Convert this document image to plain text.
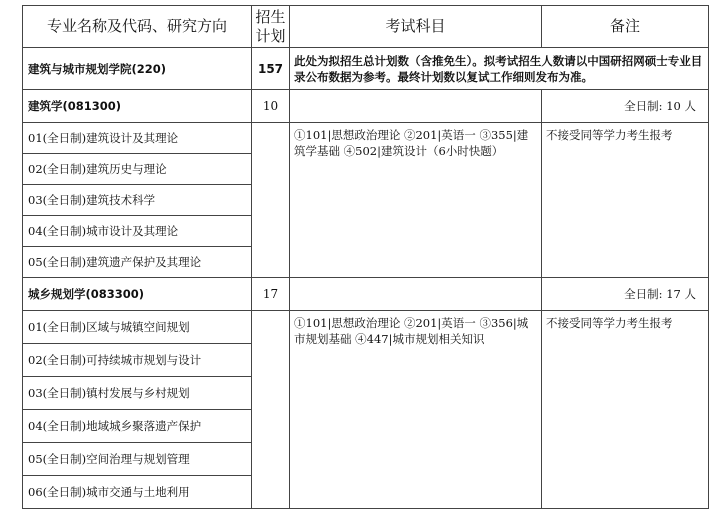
专业名称及代码、研究方向	招生计划	考试科目	备注
建筑与城市规划学院(220)	157	此处为拟招生总计划数（含推免生）。拟考试招生人数请以中国研招网硕士专业目录公布数据为参考。最终计划数以复试工作细则发布为准。	
建筑学(081300)	10		全日制: 10 人
01(全日制)建筑设计及其理论		①101|思想政治理论 ②201|英语一 ③355|建筑学基础 ④502|建筑设计（6小时快题）	不接受同等学力考生报考
02(全日制)建筑历史与理论			
03(全日制)建筑技术科学			
04(全日制)城市设计及其理论			
05(全日制)建筑遗产保护及其理论			
城乡规划学(083300)	17		全日制: 17 人
01(全日制)区域与城镇空间规划		①101|思想政治理论 ②201|英语一 ③356|城市规划基础 ④447|城市规划相关知识	不接受同等学力考生报考
02(全日制)可持续城市规划与设计			
03(全日制)镇村发展与乡村规划			
04(全日制)地域城乡聚落遗产保护			
05(全日制)空间治理与规划管理			
06(全日制)城市交通与土地利用			
